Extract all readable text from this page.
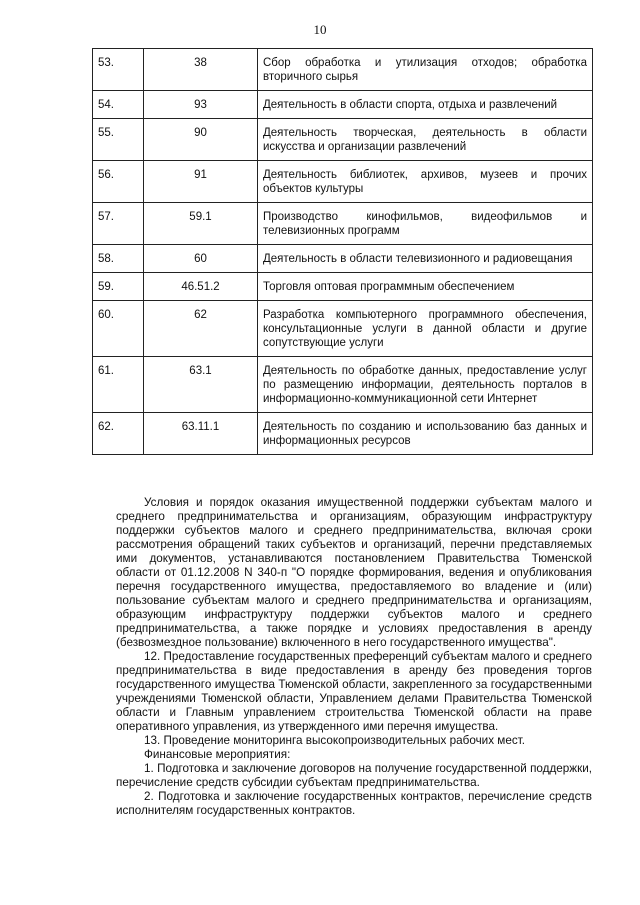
10
53.	38	Сбор обработка и утилизация отходов; обработка вторичного сырья
54.	93	Деятельность в области спорта, отдыха и развлечений
55.	90	Деятельность творческая, деятельность в области искусства и организации развлечений
56.	91	Деятельность библиотек, архивов, музеев и прочих объектов культуры
57.	59.1	Производство кинофильмов, видеофильмов и телевизионных программ
58.	60	Деятельность в области телевизионного и радиовещания
59.	46.51.2	Торговля оптовая программным обеспечением
60.	62	Разработка компьютерного программного обеспечения, консультационные услуги в данной области и другие сопутствующие услуги
61.	63.1	Деятельность по обработке данных, предоставление услуг по размещению информации, деятельность порталов в информационно-коммуникационной сети Интернет
62.	63.11.1	Деятельность по созданию и использованию баз данных и информационных ресурсов

Условия и порядок оказания имущественной поддержки субъектам малого и среднего предпринимательства и организациям, образующим инфраструктуру поддержки субъектов малого и среднего предпринимательства, включая сроки рассмотрения обращений таких субъектов и организаций, перечни представляемых ими документов, устанавливаются постановлением Правительства Тюменской области от 01.12.2008 N 340-п "О порядке формирования, ведения и опубликования перечня государственного имущества, предоставляемого во владение и (или) пользование субъектам малого и среднего предпринимательства и организациям, образующим инфраструктуру поддержки субъектов малого и среднего предпринимательства, а также порядке и условиях предоставления в аренду (безвозмездное пользование) включенного в него государственного имущества".

12. Предоставление государственных преференций субъектам малого и среднего предпринимательства в виде предоставления в аренду без проведения торгов государственного имущества Тюменской области, закрепленного за государственными учреждениями Тюменской области, Управлением делами Правительства Тюменской области и Главным управлением строительства Тюменской области на праве оперативного управления, из утвержденного ими перечня имущества.

13. Проведение мониторинга высокопроизводительных рабочих мест.

Финансовые мероприятия:

1. Подготовка и заключение договоров на получение государственной поддержки, перечисление средств субсидии субъектам предпринимательства.

2. Подготовка и заключение государственных контрактов, перечисление средств исполнителям государственных контрактов.
